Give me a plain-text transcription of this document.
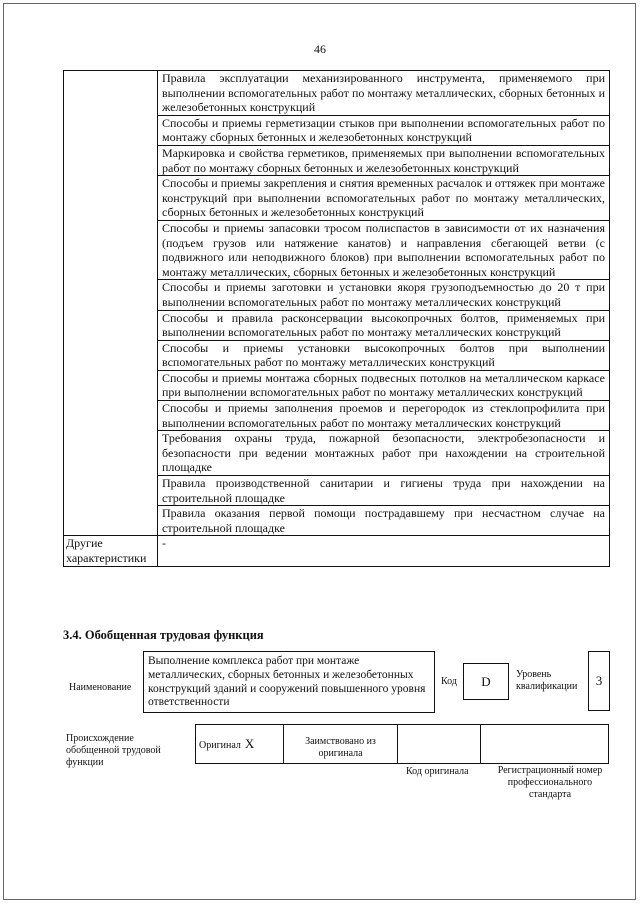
46
	Правила эксплуатации механизированного инструмента, применяемого при выполнении вспомогательных работ по монтажу металлических, сборных бетонных и железобетонных конструкций
	Способы и приемы герметизации стыков при выполнении вспомогательных работ по монтажу сборных бетонных и железобетонных конструкций
	Маркировка и свойства герметиков, применяемых при выполнении вспомогательных работ по монтажу сборных бетонных и железобетонных конструкций
	Способы и приемы закрепления и снятия временных расчалок и оттяжек при монтаже конструкций при выполнении вспомогательных работ по монтажу металлических, сборных бетонных и железобетонных конструкций
	Способы и приемы запасовки тросом полиспастов в зависимости от их назначения (подъем грузов или натяжение канатов) и направления сбегающей ветви (с подвижного или неподвижного блоков) при выполнении вспомогательных работ по монтажу металлических, сборных бетонных и железобетонных конструкций
	Способы и приемы заготовки и установки якоря грузоподъемностью до 20 т при выполнении вспомогательных работ по монтажу металлических конструкций
	Способы и правила расконсервации высокопрочных болтов, применяемых при выполнении вспомогательных работ по монтажу металлических конструкций
	Способы и приемы установки высокопрочных болтов при выполнении вспомогательных работ по монтажу металлических конструкций
	Способы и приемы монтажа сборных подвесных потолков на металлическом каркасе при выполнении вспомогательных работ по монтажу металлических конструкций
	Способы и приемы заполнения проемов и перегородок из стеклопрофилита при выполнении вспомогательных работ по монтажу металлических конструкций
	Требования охраны труда, пожарной безопасности, электробезопасности и безопасности при ведении монтажных работ при нахождении на строительной площадке
	Правила производственной санитарии и гигиены труда при нахождении на строительной площадке
	Правила оказания первой помощи пострадавшему при несчастном случае на строительной площадке
Другие характеристики	-
3.4. Обобщенная трудовая функция
Наименование
Выполнение комплекса работ при монтаже металлических, сборных бетонных и железобетонных конструкций зданий и сооружений повышенного уровня ответственности
Код	D	Уровень квалификации	3
Происхождение обобщенной трудовой функции
Оригинал X	Заимствовано из оригинала

Код оригинала	Регистрационный номер профессионального стандарта
